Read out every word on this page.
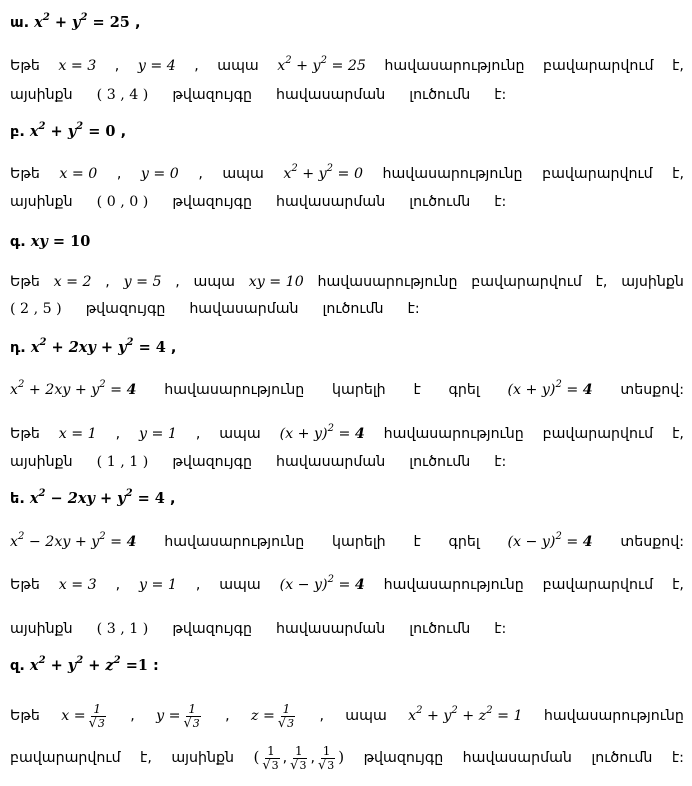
ա. $x^2 + y^2 = 25$ ,
Եթե x = 3 , y = 4 , ապա $x^2 + y^2 = 25$ հավասարությունը բավարարվում է,
այսինքն ( 3 , 4 ) թվազույգը հավասարման լուծումն է:
բ. $x^2 + y^2 = 0$ ,
Եթե x = 0 , y = 0 , ապա $x^2 + y^2 = 0$ հավասարությունը բավարարվում է,
այսինքն ( 0 , 0 ) թվազույգը հավասարման լուծումն է:
գ. xy = 10
Եթե x = 2 , y = 5 , ապա xy = 10 հավասարությունը բավարարվում է, այսինքն
( 2 , 5 ) թվազույգը հավասարման լուծումն է:
դ. $x^2 + 2xy + y^2 = 4$ ,
$x^2 + 2xy + y^2 = 4$ հավասարությունը կարելի է գրել $(x + y)^2 = 4$ տեսքով:
Եթե x = 1 , y = 1 , ապա $(x + y)^2 = 4$ հավասարությունը բավարարվում է,
այսինքն ( 1 , 1 ) թվազույգը հավասարման լուծումն է:
ե. $x^2 - 2xy + y^2 = 4$ ,
$x^2 - 2xy + y^2 = 4$ հավասարությունը կարելի է գրել $(x - y)^2 = 4$ տեսքով:
Եթե x = 3 , y = 1 , ապա $(x - y)^2 = 4$ հավասարությունը բավարարվում է,
այսինքն ( 3 , 1 ) թվազույգը հավասարման լուծումն է:
զ. $x^2 + y^2 + z^2 =1$ :
Եթե $x = \frac{1}{√3}$ , $y = \frac{1}{√3}$ , $z = \frac{1}{√3}$ , ապա $x^2 + y^2 + z^2 = 1$ հավասարությունը
բավարարվում է, այսինքն ( $\frac{1}{√3}$ , $\frac{1}{√3}$ , $\frac{1}{√3}$ ) թվազույգը հավասարման լուծումն է:
